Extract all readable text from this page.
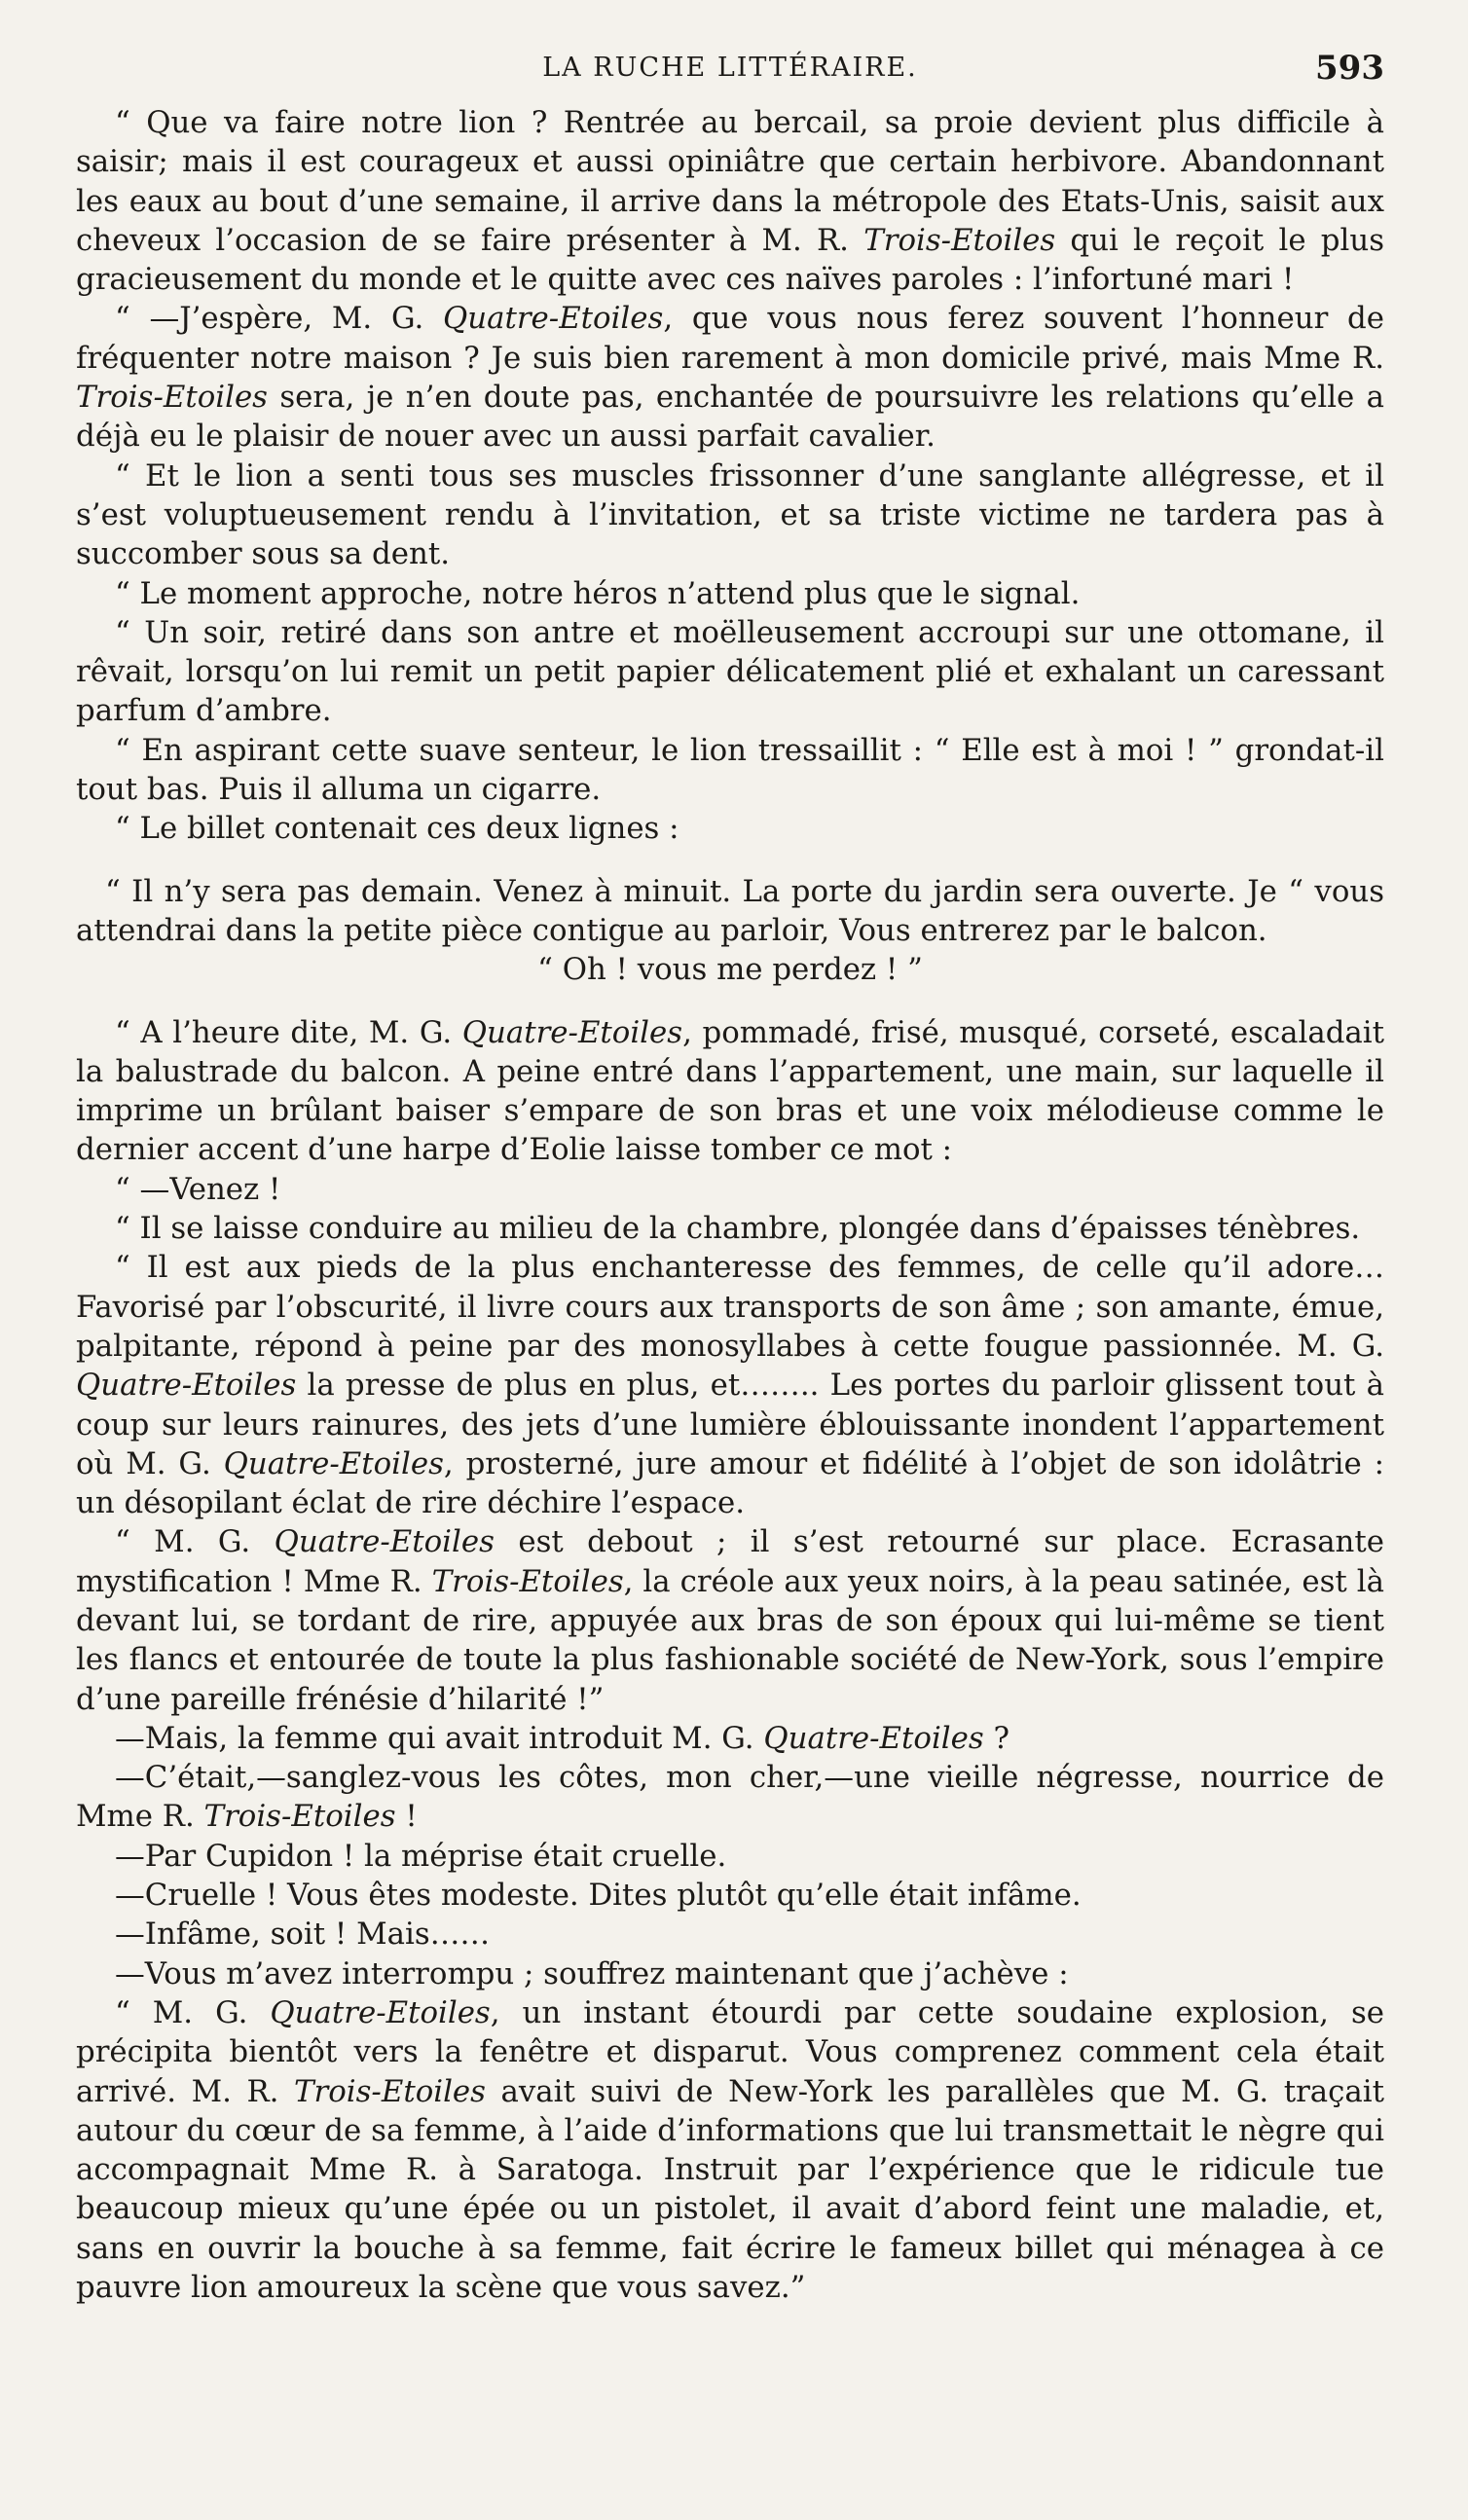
LA RUCHE LITTÉRAIRE.	593

“ Que va faire notre lion ? Rentrée au bercail, sa proie devient plus difficile à saisir; mais il est courageux et aussi opiniâtre que certain herbivore. Abandonnant les eaux au bout d’une semaine, il arrive dans la métropole des Etats-Unis, saisit aux cheveux l’occasion de se faire présenter à M. R. Trois-Etoiles qui le reçoit le plus gracieusement du monde et le quitte avec ces naïves paroles : l’infortuné mari !

“ —J’espère, M. G. Quatre-Etoiles, que vous nous ferez souvent l’honneur de fréquenter notre maison ? Je suis bien rarement à mon domicile privé, mais Mme R. Trois-Etoiles sera, je n’en doute pas, enchantée de poursuivre les relations qu’elle a déjà eu le plaisir de nouer avec un aussi parfait cavalier.

“ Et le lion a senti tous ses muscles frissonner d’une sanglante allégresse, et il s’est voluptueusement rendu à l’invitation, et sa triste victime ne tardera pas à succomber sous sa dent.

“ Le moment approche, notre héros n’attend plus que le signal.

“ Un soir, retiré dans son antre et moëlleusement accroupi sur une ottomane, il rêvait, lorsqu’on lui remit un petit papier délicatement plié et exhalant un caressant parfum d’ambre.

“ En aspirant cette suave senteur, le lion tressaillit : “ Elle est à moi ! ” grondat-il tout bas. Puis il alluma un cigarre.

“ Le billet contenait ces deux lignes :

“ Il n’y sera pas demain. Venez à minuit. La porte du jardin sera ouverte. Je “ vous attendrai dans la petite pièce contigue au parloir, Vous entrerez par le balcon.

“ Oh ! vous me perdez ! ”

“ A l’heure dite, M. G. Quatre-Etoiles, pommadé, frisé, musqué, corseté, escaladait la balustrade du balcon. A peine entré dans l’appartement, une main, sur laquelle il imprime un brûlant baiser s’empare de son bras et une voix mélodieuse comme le dernier accent d’une harpe d’Eolie laisse tomber ce mot :

“ —Venez !

“ Il se laisse conduire au milieu de la chambre, plongée dans d’épaisses ténèbres.

“ Il est aux pieds de la plus enchanteresse des femmes, de celle qu’il adore… Favorisé par l’obscurité, il livre cours aux transports de son âme ; son amante, émue, palpitante, répond à peine par des monosyllabes à cette fougue passionnée. M. G. Quatre-Etoiles la presse de plus en plus, et…….. Les portes du parloir glissent tout à coup sur leurs rainures, des jets d’une lumière éblouissante inondent l’appartement où M. G. Quatre-Etoiles, prosterné, jure amour et fidélité à l’objet de son idolâtrie : un désopilant éclat de rire déchire l’espace.

“ M. G. Quatre-Etoiles est debout ; il s’est retourné sur place. Ecrasante mystification ! Mme R. Trois-Etoiles, la créole aux yeux noirs, à la peau satinée, est là devant lui, se tordant de rire, appuyée aux bras de son époux qui lui-même se tient les flancs et entourée de toute la plus fashionable société de New-York, sous l’empire d’une pareille frénésie d’hilarité !”

—Mais, la femme qui avait introduit M. G. Quatre-Etoiles ?

—C’était,—sanglez-vous les côtes, mon cher,—une vieille négresse, nourrice de Mme R. Trois-Etoiles !

—Par Cupidon ! la méprise était cruelle.

—Cruelle ! Vous êtes modeste. Dites plutôt qu’elle était infâme.

—Infâme, soit ! Mais……

—Vous m’avez interrompu ; souffrez maintenant que j’achève :

“ M. G. Quatre-Etoiles, un instant étourdi par cette soudaine explosion, se précipita bientôt vers la fenêtre et disparut. Vous comprenez comment cela était arrivé. M. R. Trois-Etoiles avait suivi de New-York les parallèles que M. G. traçait autour du cœur de sa femme, à l’aide d’informations que lui transmettait le nègre qui accompagnait Mme R. à Saratoga. Instruit par l’expérience que le ridicule tue beaucoup mieux qu’une épée ou un pistolet, il avait d’abord feint une maladie, et, sans en ouvrir la bouche à sa femme, fait écrire le fameux billet qui ménagea à ce pauvre lion amoureux la scène que vous savez.”
